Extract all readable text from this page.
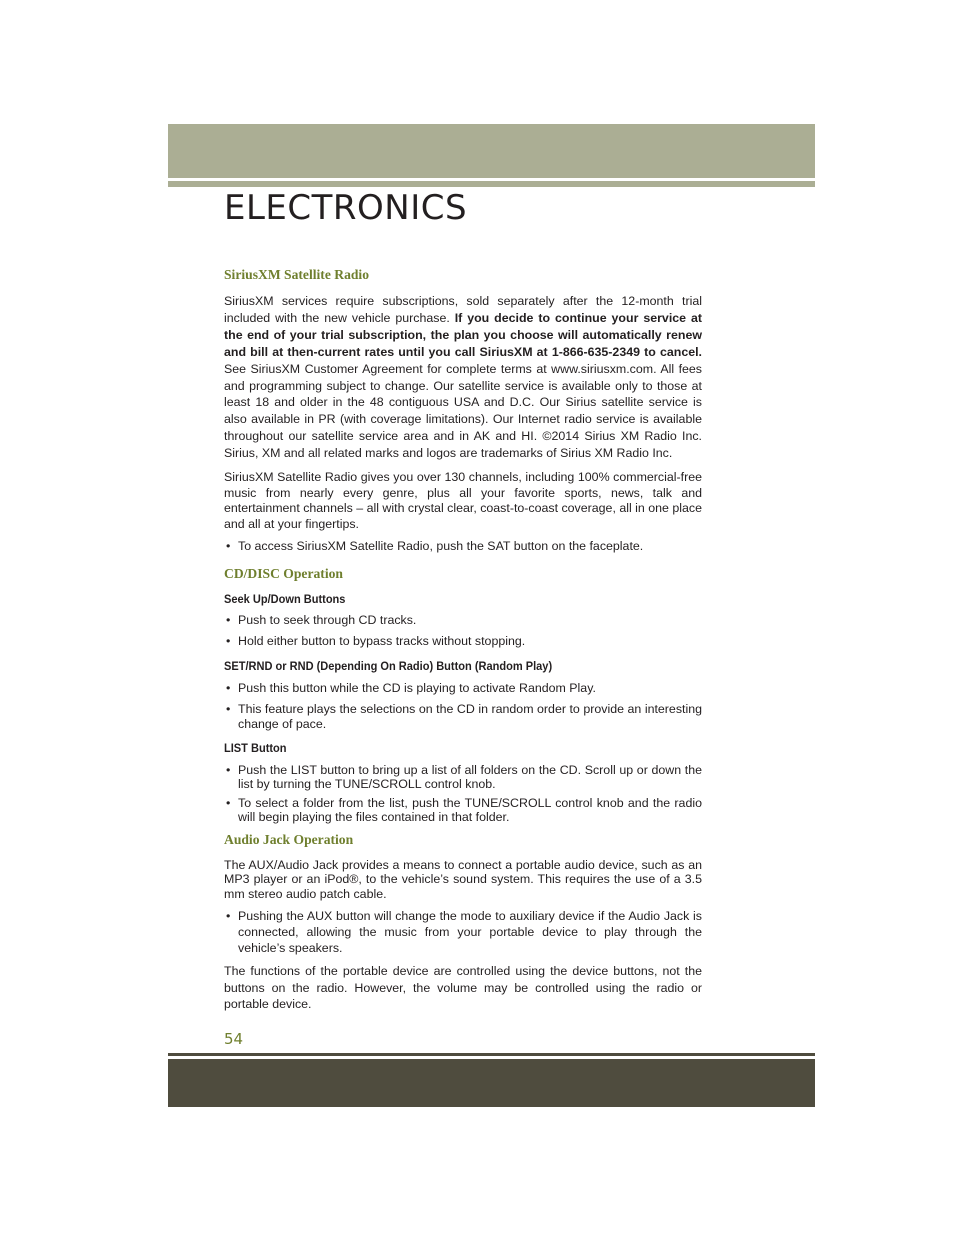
ELECTRONICS
SiriusXM Satellite Radio

SiriusXM services require subscriptions, sold separately after the 12-month trial included with the new vehicle purchase. If you decide to continue your service at the end of your trial subscription, the plan you choose will automatically renew and bill at then-current rates until you call SiriusXM at 1-866-635-2349 to cancel. See SiriusXM Customer Agreement for complete terms at www.siriusxm.com. All fees and programming subject to change. Our satellite service is available only to those at least 18 and older in the 48 contiguous USA and D.C. Our Sirius satellite service is also available in PR (with coverage limitations). Our Internet radio service is available throughout our satellite service area and in AK and HI. ©2014 Sirius XM Radio Inc. Sirius, XM and all related marks and logos are trademarks of Sirius XM Radio Inc.

SiriusXM Satellite Radio gives you over 130 channels, including 100% commercial-free music from nearly every genre, plus all your favorite sports, news, talk and entertainment channels – all with crystal clear, coast-to-coast coverage, all in one place and all at your fingertips.

• To access SiriusXM Satellite Radio, push the SAT button on the faceplate.
CD/DISC Operation
Seek Up/Down Buttons
• Push to seek through CD tracks.
• Hold either button to bypass tracks without stopping.
SET/RND or RND (Depending On Radio) Button (Random Play)
• Push this button while the CD is playing to activate Random Play.
• This feature plays the selections on the CD in random order to provide an interesting change of pace.
LIST Button
• Push the LIST button to bring up a list of all folders on the CD. Scroll up or down the list by turning the TUNE/SCROLL control knob.
• To select a folder from the list, push the TUNE/SCROLL control knob and the radio will begin playing the files contained in that folder.
Audio Jack Operation

The AUX/Audio Jack provides a means to connect a portable audio device, such as an MP3 player or an iPod®, to the vehicle’s sound system. This requires the use of a 3.5 mm stereo audio patch cable.

• Pushing the AUX button will change the mode to auxiliary device if the Audio Jack is connected, allowing the music from your portable device to play through the vehicle’s speakers.

The functions of the portable device are controlled using the device buttons, not the buttons on the radio. However, the volume may be controlled using the radio or portable device.

54
